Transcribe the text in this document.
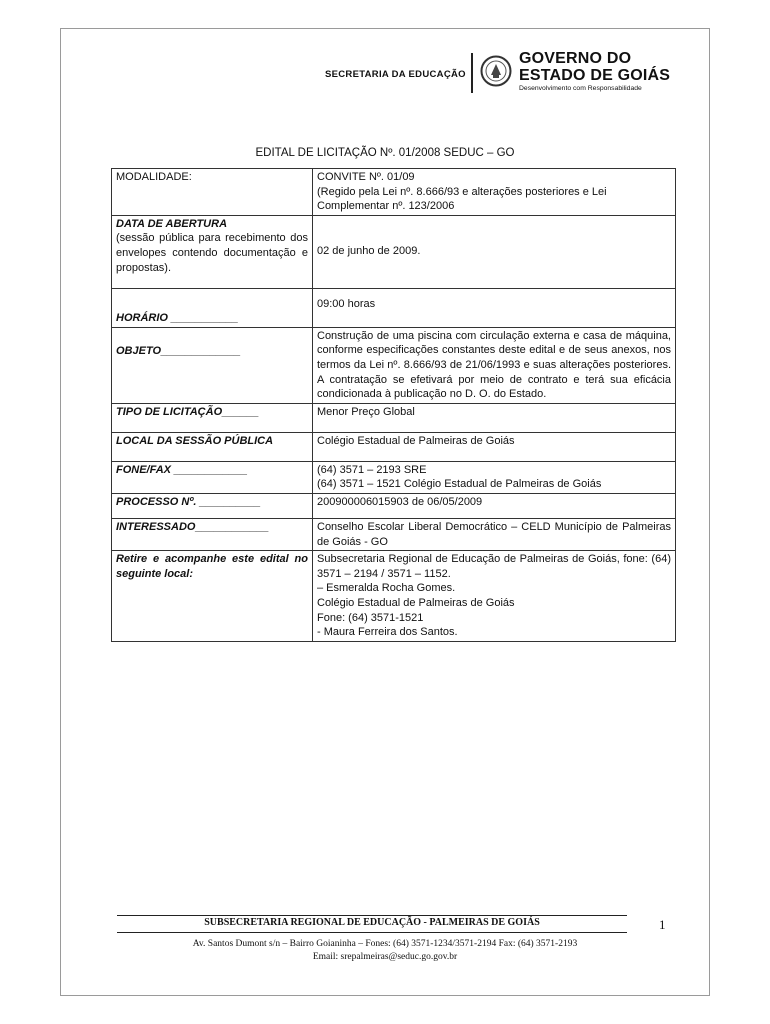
SECRETARIA DA EDUCAÇÃO
GOVERNO DO
ESTADO DE GOIÁS
Desenvolvimento com Responsabilidade
EDITAL DE LICITAÇÃO Nº. 01/2008 SEDUC – GO
MODALIDADE:	CONVITE Nº. 01/09
(Regido pela Lei nº. 8.666/93 e alterações posteriores e Lei Complementar nº. 123/2006

DATA DE ABERTURA
(sessão pública para recebimento dos envelopes contendo documentação e propostas).	02 de junho de 2009.
HORÁRIO ___________	09:00 horas
OBJETO_____________	Construção de uma piscina com circulação externa e casa de máquina, conforme especificações constantes deste edital e de seus anexos, nos termos da Lei nº. 8.666/93 de 21/06/1993 e suas alterações posteriores. A contratação se efetivará por meio de contrato e terá sua eficácia condicionada à publicação no D. O. do Estado.
TIPO DE LICITAÇÃO______	Menor Preço Global
LOCAL DA SESSÃO PÚBLICA	Colégio Estadual de Palmeiras de Goiás
FONE/FAX ____________	(64) 3571 – 2193 SRE
(64) 3571 – 1521 Colégio Estadual de Palmeiras de Goiás

PROCESSO Nº. __________	200900006015903 de 06/05/2009
INTERESSADO____________	Conselho Escolar Liberal Democrático – CELD Município de Palmeiras de Goiás - GO
Retire e acompanhe este edital no seguinte local:	Subsecretaria Regional de Educação de Palmeiras de Goiás, fone: (64) 3571 – 2194 / 3571 – 1152.
– Esmeralda Rocha Gomes.
Colégio Estadual de Palmeiras de Goiás
Fone: (64) 3571-1521
- Maura Ferreira dos Santos.
SUBSECRETARIA REGIONAL DE EDUCAÇÃO - PALMEIRAS DE GOIÁS	1
Av. Santos Dumont s/n – Bairro Goianinha – Fones: (64) 3571-1234/3571-2194 Fax: (64) 3571-2193
Email: srepalmeiras@seduc.go.gov.br
